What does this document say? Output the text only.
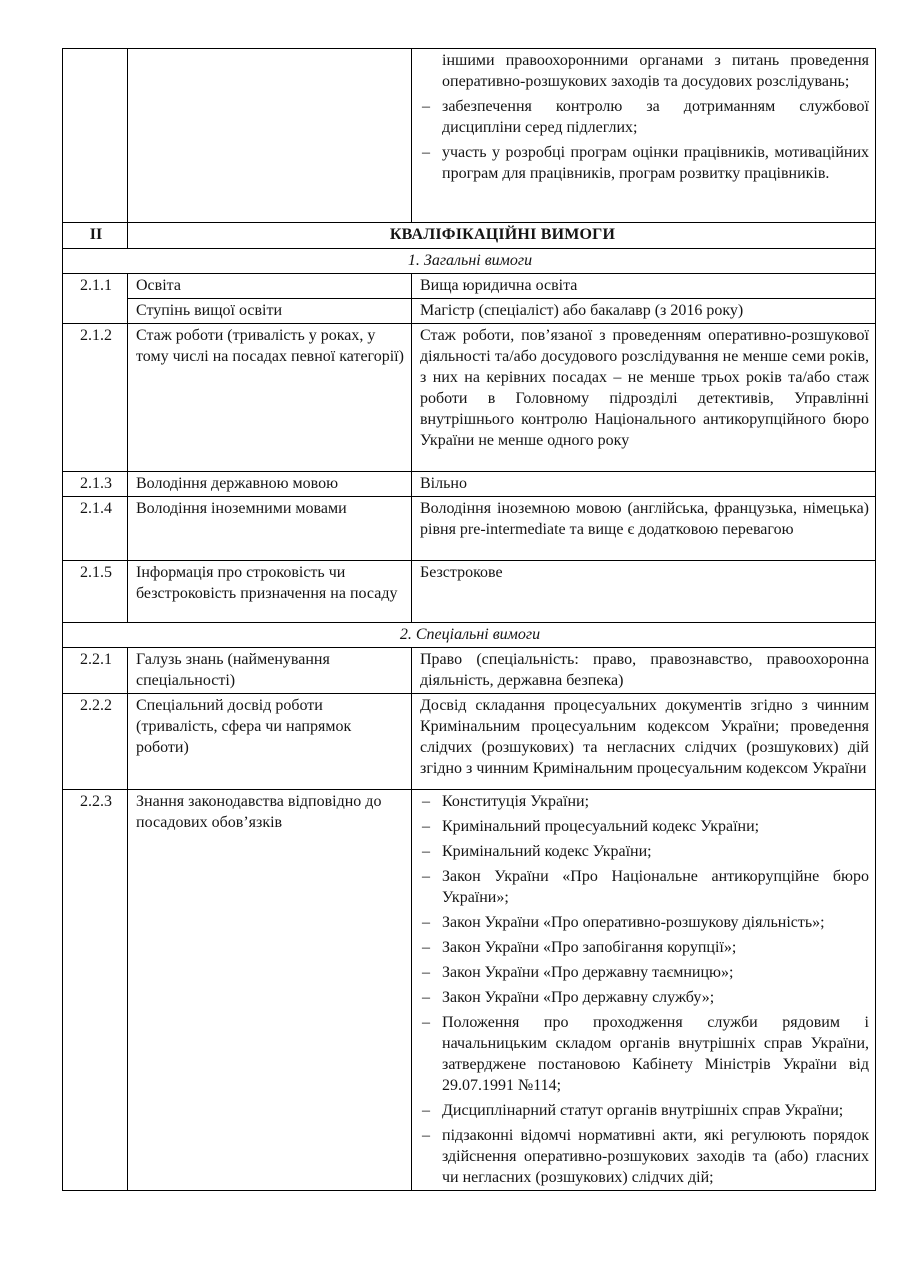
		іншими правоохоронними органами з питань проведення оперативно-розшукових заходів та досудових розслідувань;
– забезпечення контролю за дотриманням службової дисципліни серед підлеглих;
– участь у розробці програм оцінки працівників, мотиваційних програм для працівників, програм розвитку працівників.

II	КВАЛІФІКАЦІЙНІ ВИМОГИ	
1. Загальні вимоги		
2.1.1	Освіта	Вища юридична освіта
	Ступінь вищої освіти	Магістр (спеціаліст) або бакалавр (з 2016 року)
2.1.2	Стаж роботи (тривалість у роках, у тому числі на посадах певної категорії)	Стаж роботи, пов’язаної з проведенням оперативно-розшукової діяльності та/або досудового розслідування не менше семи років, з них на керівних посадах – не менше трьох років та/або стаж роботи в Головному підрозділі детективів, Управлінні внутрішнього контролю Національного антикорупційного бюро України не менше одного року
2.1.3	Володіння державною мовою	Вільно
2.1.4	Володіння іноземними мовами	Володіння іноземною мовою (англійська, французька, німецька) рівня pre-intermediate та вище є додатковою перевагою
2.1.5	Інформація про строковість чи безстроковість призначення на посаду	Безстрокове
2. Спеціальні вимоги		
2.2.1	Галузь знань (найменування спеціальності)	Право (спеціальність: право, правознавство, правоохоронна діяльність, державна безпека)
2.2.2	Спеціальний досвід роботи (тривалість, сфера чи напрямок роботи)	Досвід складання процесуальних документів згідно з чинним Кримінальним процесуальним кодексом України; проведення слідчих (розшукових) та негласних слідчих (розшукових) дій згідно з чинним Кримінальним процесуальним кодексом України
2.2.3	Знання законодавства відповідно до посадових обов’язків	
– Конституція України;
– Кримінальний процесуальний кодекс України;
– Кримінальний кодекс України;
– Закон України «Про Національне антикорупційне бюро України»;
– Закон України «Про оперативно-розшукову діяльність»;
– Закон України «Про запобігання корупції»;
– Закон України «Про державну таємницю»;
– Закон України «Про державну службу»;
– Положення про проходження служби рядовим і начальницьким складом органів внутрішніх справ України, затверджене постановою Кабінету Міністрів України від 29.07.1991 №114;
– Дисциплінарний статут органів внутрішніх справ України;
– підзаконні відомчі нормативні акти, які регулюють порядок здійснення оперативно-розшукових заходів та (або) гласних чи негласних (розшукових) слідчих дій;
